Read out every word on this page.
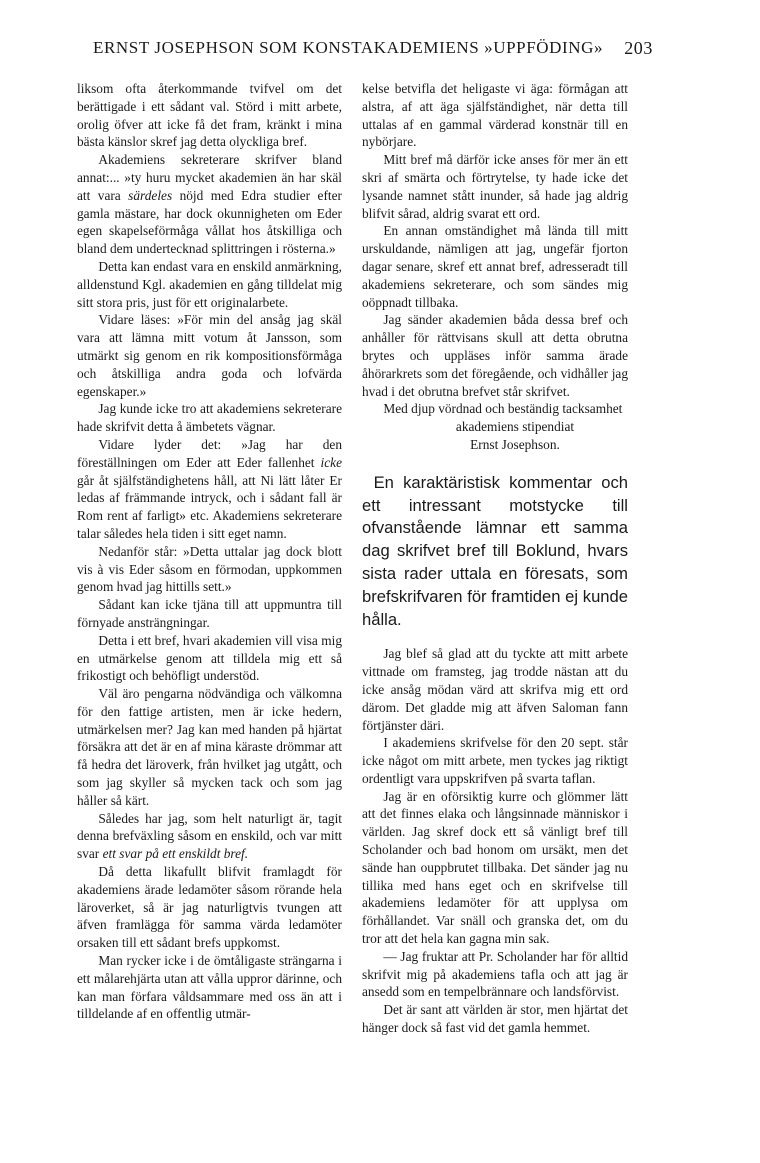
ERNST JOSEPHSON SOM KONSTAKADEMIENS »UPPFÖDING» 203

liksom ofta återkommande tvifvel om det berättigade i ett sådant val. Störd i mitt arbete, orolig öfver att icke få det fram, kränkt i mina bästa känslor skref jag detta olyckliga bref.

Akademiens sekreterare skrifver bland annat:... »ty huru mycket akademien än har skäl att vara särdeles nöjd med Edra studier efter gamla mästare, har dock okunnigheten om Eder egen skapelseförmåga vållat hos åtskilliga och bland dem undertecknad splittringen i rösterna.»

Detta kan endast vara en enskild anmärkning, alldenstund Kgl. akademien en gång tilldelat mig sitt stora pris, just för ett originalarbete.

Vidare läses: »För min del ansåg jag skäl vara att lämna mitt votum åt Jansson, som utmärkt sig genom en rik kompositionsförmåga och åtskilliga andra goda och lofvärda egenskaper.»

Jag kunde icke tro att akademiens sekreterare hade skrifvit detta å ämbetets vägnar.

Vidare lyder det: »Jag har den föreställningen om Eder att Eder fallenhet icke går åt själfständighetens håll, att Ni lätt låter Er ledas af främmande intryck, och i sådant fall är Rom rent af farligt» etc. Akademiens sekreterare talar således hela tiden i sitt eget namn.

Nedanför står: »Detta uttalar jag dock blott vis à vis Eder såsom en förmodan, uppkommen genom hvad jag hittills sett.»

Sådant kan icke tjäna till att uppmuntra till förnyade ansträngningar.

Detta i ett bref, hvari akademien vill visa mig en utmärkelse genom att tilldela mig ett så frikostigt och behöfligt understöd.

Väl äro pengarna nödvändiga och välkomna för den fattige artisten, men är icke hedern, utmärkelsen mer? Jag kan med handen på hjärtat försäkra att det är en af mina käraste drömmar att få hedra det läroverk, från hvilket jag utgått, och som jag skyller så mycken tack och som jag håller så kärt.

Således har jag, som helt naturligt är, tagit denna brefväxling såsom en enskild, och var mitt svar ett svar på ett enskildt bref.

Då detta likafullt blifvit framlagdt för akademiens ärade ledamöter såsom rörande hela läroverket, så är jag naturligtvis tvungen att äfven framlägga för samma värda ledamöter orsaken till ett sådant brefs uppkomst.

Man rycker icke i de ömtåligaste strängarna i ett målarehjärta utan att vålla uppror därinne, och kan man förfara våldsammare med oss än att i tilldelande af en offentlig utmär-

kelse betvifla det heligaste vi äga: förmågan att alstra, af att äga själfständighet, när detta till uttalas af en gammal värderad konstnär till en nybörjare.

Mitt bref må därför icke anses för mer än ett skri af smärta och förtrytelse, ty hade icke det lysande namnet stått inunder, så hade jag aldrig blifvit sårad, aldrig svarat ett ord.

En annan omständighet må lända till mitt urskuldande, nämligen att jag, ungefär fjorton dagar senare, skref ett annat bref, adresseradt till akademiens sekreterare, och som sändes mig oöppnadt tillbaka.

Jag sänder akademien båda dessa bref och anhåller för rättvisans skull att detta obrutna brytes och uppläses inför samma ärade åhörarkrets som det föregående, och vidhåller jag hvad i det obrutna brefvet står skrifvet.

Med djup vördnad och beständig tacksamhet

akademiens stipendiat
Ernst Josephson.
En karaktäristisk kommentar och ett intressant motstycke till ofvanstående lämnar ett samma dag skrifvet bref till Boklund, hvars sista rader uttala en föresats, som brefskrifvaren för framtiden ej kunde hålla.

Jag blef så glad att du tyckte att mitt arbete vittnade om framsteg, jag trodde nästan att du icke ansåg mödan värd att skrifva mig ett ord därom. Det gladde mig att äfven Saloman fann förtjänster däri.

I akademiens skrifvelse för den 20 sept. står icke något om mitt arbete, men tyckes jag riktigt ordentligt vara uppskrifven på svarta taflan.

Jag är en oförsiktig kurre och glömmer lätt att det finnes elaka och långsinnade människor i världen. Jag skref dock ett så vänligt bref till Scholander och bad honom om ursäkt, men det sände han ouppbrutet tillbaka. Det sänder jag nu tillika med hans eget och en skrifvelse till akademiens ledamöter för att upplysa om förhållandet. Var snäll och granska det, om du tror att det hela kan gagna min sak.

— Jag fruktar att Pr. Scholander har för alltid skrifvit mig på akademiens tafla och att jag är ansedd som en tempelbrännare och landsförvist.

Det är sant att världen är stor, men hjärtat det hänger dock så fast vid det gamla hemmet.
